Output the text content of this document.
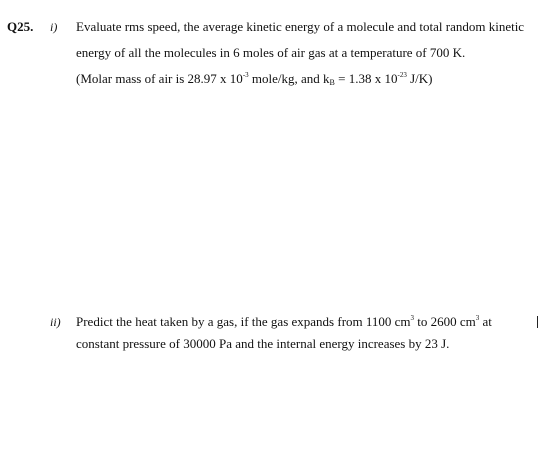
Q25. i) Evaluate rms speed, the average kinetic energy of a molecule and total random kinetic
energy of all the molecules in 6 moles of air gas at a temperature of 700 K.
(Molar mass of air is 28.97 x $10^{-3}$ mole/kg, and $k_B = 1.38$ x $10^{-23}$ J/K)
ii) Predict the heat taken by a gas, if the gas expands from 1100 $cm^3$ to 2600 $cm^3$ at
constant pressure of 30000 Pa and the internal energy increases by 23 J.
